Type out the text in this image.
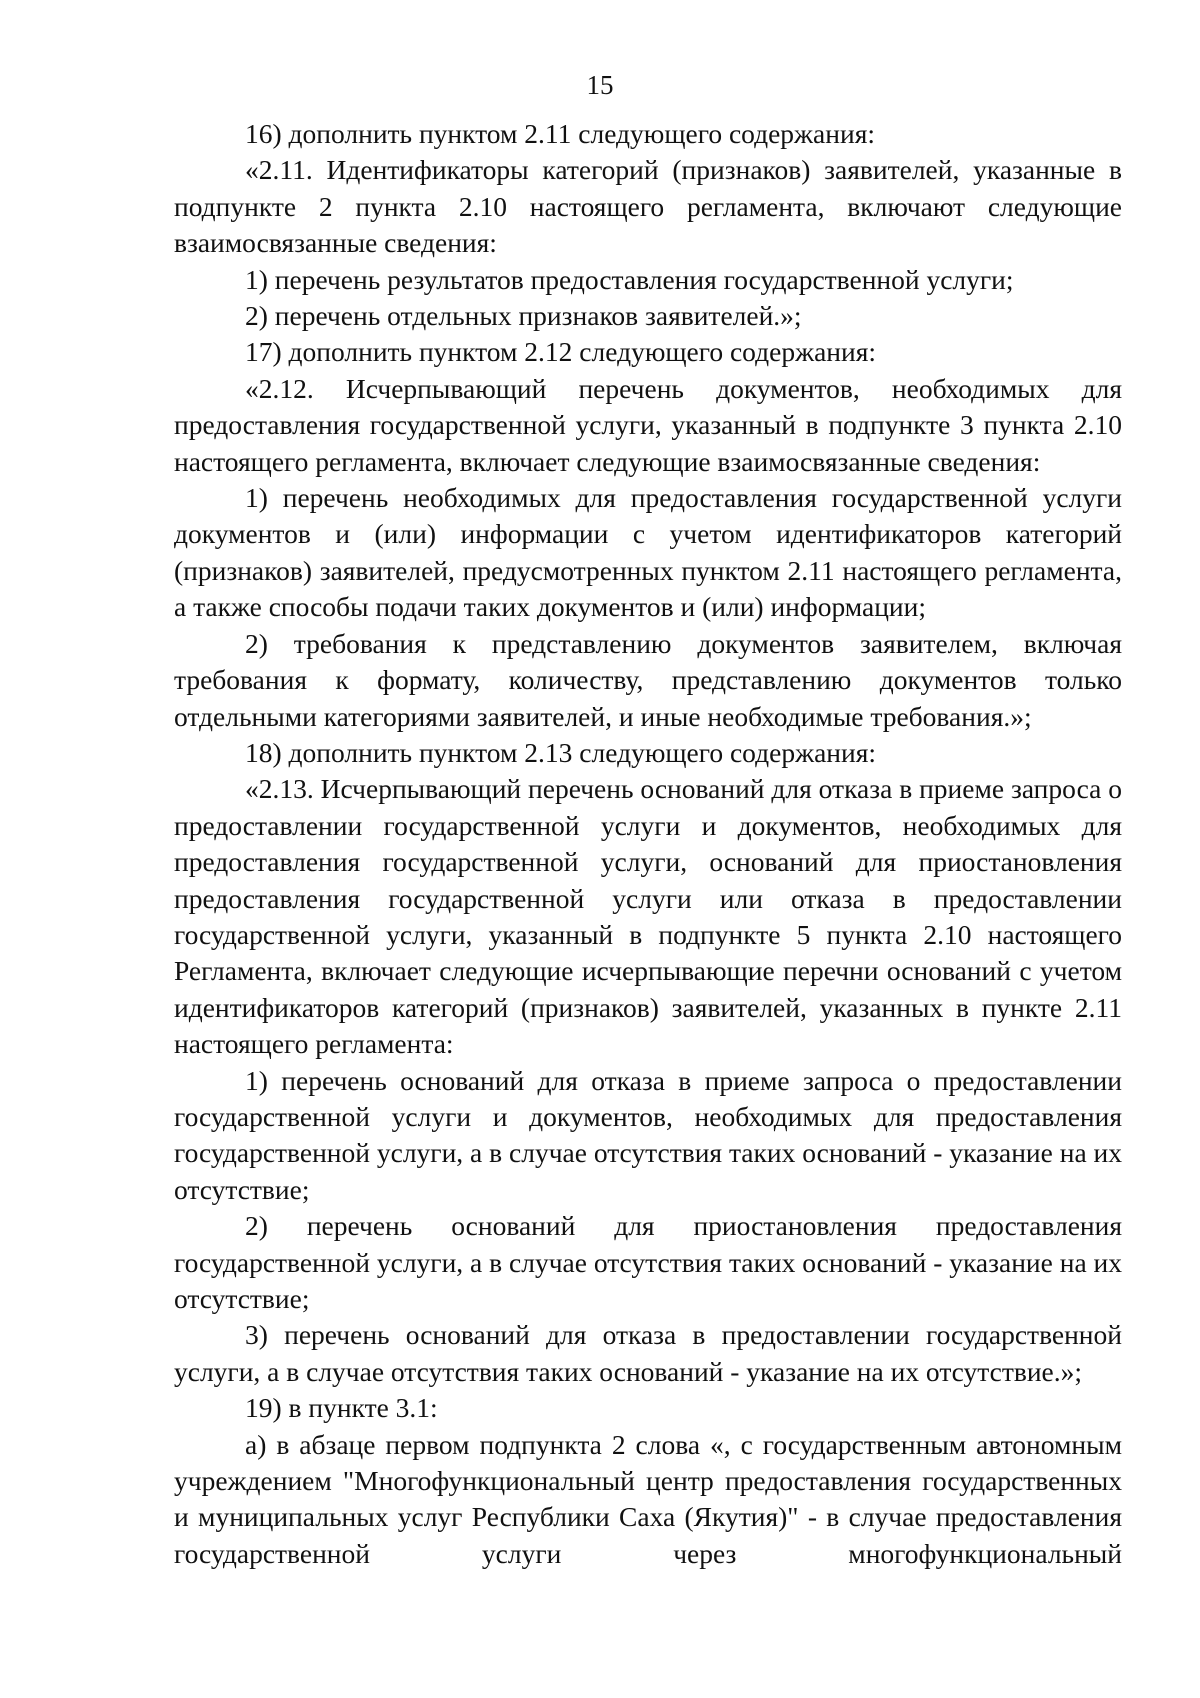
15

16) дополнить пунктом 2.11 следующего содержания:

«2.11. Идентификаторы категорий (признаков) заявителей, указанные в подпункте 2 пункта 2.10 настоящего регламента, включают следующие взаимосвязанные сведения:

1) перечень результатов предоставления государственной услуги;

2) перечень отдельных признаков заявителей.»;

17) дополнить пунктом 2.12 следующего содержания:

«2.12. Исчерпывающий перечень документов, необходимых для предоставления государственной услуги, указанный в подпункте 3 пункта 2.10 настоящего регламента, включает следующие взаимосвязанные сведения:

1) перечень необходимых для предоставления государственной услуги документов и (или) информации с учетом идентификаторов категорий (признаков) заявителей, предусмотренных пунктом 2.11 настоящего регламента, а также способы подачи таких документов и (или) информации;

2) требования к представлению документов заявителем, включая требования к формату, количеству, представлению документов только отдельными категориями заявителей, и иные необходимые требования.»;

18) дополнить пунктом 2.13 следующего содержания:

«2.13. Исчерпывающий перечень оснований для отказа в приеме запроса о предоставлении государственной услуги и документов, необходимых для предоставления государственной услуги, оснований для приостановления предоставления государственной услуги или отказа в предоставлении государственной услуги, указанный в подпункте 5 пункта 2.10 настоящего Регламента, включает следующие исчерпывающие перечни оснований с учетом идентификаторов категорий (признаков) заявителей, указанных в пункте 2.11 настоящего регламента:

1) перечень оснований для отказа в приеме запроса о предоставлении государственной услуги и документов, необходимых для предоставления государственной услуги, а в случае отсутствия таких оснований - указание на их отсутствие;

2) перечень оснований для приостановления предоставления государственной услуги, а в случае отсутствия таких оснований - указание на их отсутствие;

3) перечень оснований для отказа в предоставлении государственной услуги, а в случае отсутствия таких оснований - указание на их отсутствие.»;

19) в пункте 3.1:

а) в абзаце первом подпункта 2 слова «, с государственным автономным учреждением "Многофункциональный центр предоставления государственных и муниципальных услуг Республики Саха (Якутия)" - в случае предоставления государственной услуги через многофункциональный
